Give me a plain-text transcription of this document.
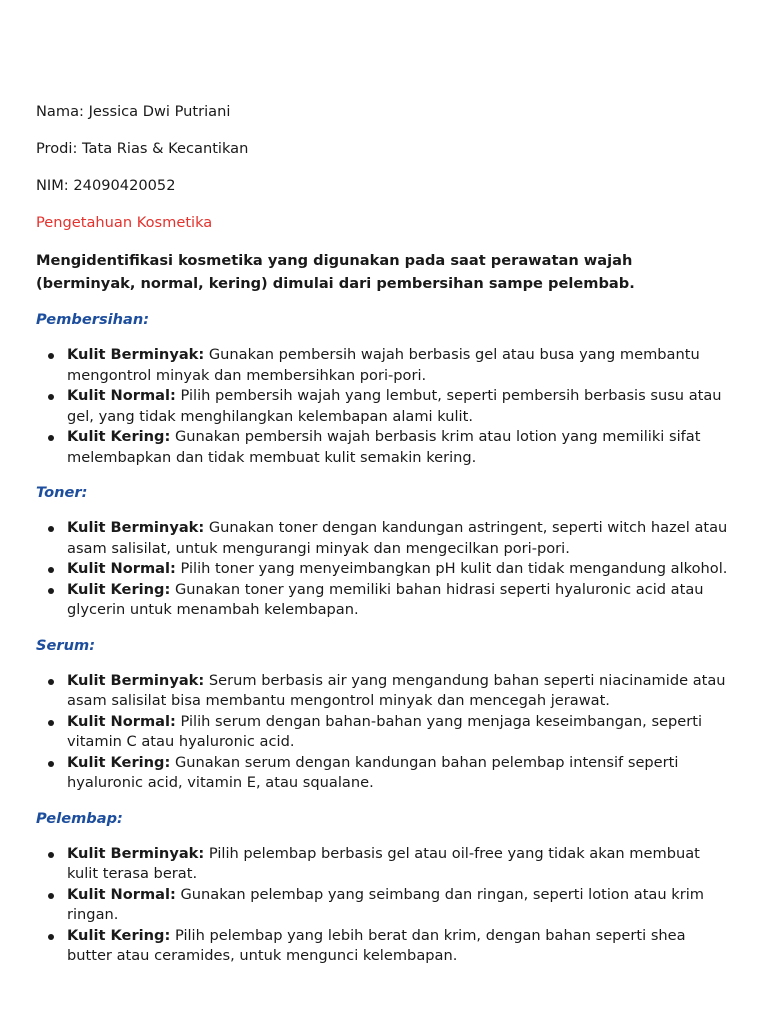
Nama: Jessica Dwi Putriani

Prodi: Tata Rias & Kecantikan

NIM: 24090420052

Pengetahuan Kosmetika

Mengidentifikasi kosmetika yang digunakan pada saat perawatan wajah (berminyak, normal, kering) dimulai dari pembersihan sampe pelembab.

Pembersihan:

Kulit Berminyak: Gunakan pembersih wajah berbasis gel atau busa yang membantu mengontrol minyak dan membersihkan pori-pori.
Kulit Normal: Pilih pembersih wajah yang lembut, seperti pembersih berbasis susu atau gel, yang tidak menghilangkan kelembapan alami kulit.
Kulit Kering: Gunakan pembersih wajah berbasis krim atau lotion yang memiliki sifat melembapkan dan tidak membuat kulit semakin kering.

Toner:

Kulit Berminyak: Gunakan toner dengan kandungan astringent, seperti witch hazel atau asam salisilat, untuk mengurangi minyak dan mengecilkan pori-pori.
Kulit Normal: Pilih toner yang menyeimbangkan pH kulit dan tidak mengandung alkohol.
Kulit Kering: Gunakan toner yang memiliki bahan hidrasi seperti hyaluronic acid atau glycerin untuk menambah kelembapan.

Serum:

Kulit Berminyak: Serum berbasis air yang mengandung bahan seperti niacinamide atau asam salisilat bisa membantu mengontrol minyak dan mencegah jerawat.
Kulit Normal: Pilih serum dengan bahan-bahan yang menjaga keseimbangan, seperti vitamin C atau hyaluronic acid.
Kulit Kering: Gunakan serum dengan kandungan bahan pelembap intensif seperti hyaluronic acid, vitamin E, atau squalane.

Pelembap:

Kulit Berminyak: Pilih pelembap berbasis gel atau oil-free yang tidak akan membuat kulit terasa berat.
Kulit Normal: Gunakan pelembap yang seimbang dan ringan, seperti lotion atau krim ringan.
Kulit Kering: Pilih pelembap yang lebih berat dan krim, dengan bahan seperti shea butter atau ceramides, untuk mengunci kelembapan.
